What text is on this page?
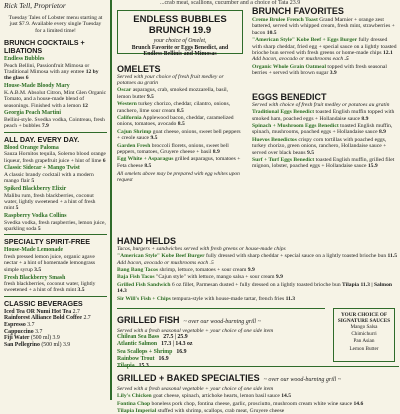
...crab meat, scallions, cucumber and a choice of Tata 23.9
Rick Tell, Proprietor
Tuesday Tales of Lobster menu starting at just $7.9. Available every single Tuesday for a limited time!
BRUNCH COCKTAILS + LIBATIONS
Endless Bubbles
Peach Bellini, Passionfruit Mimosa or Traditional Mimosa with any entree 12 by the glass 6
House-Made Bloody Mary
K.A.B.M. Absolut Citron, Mint Glen Organic Tomato, and a house-made blend of seasonings. Finished with a lemon 12
Georgia Peach Martini
Bellini-style. Svedka vodka, Cointreau, fresh peach + bubbles 7.9
ALL DAY. EVERY DAY.
Blood Orange Paloma
Sauza Hornitos tequila, Solerno blood orange liqueur, fresh grapefruit juice + hint of lime 6
Classic Sidecar + Mango Twist
A classic brandy cocktail with a modern mango flair 5
Spiked Blackberry Elixir
Malibu rum, fresh blackberries, coconut water, lightly sweetened + a hint of fresh mint 5
Raspberry Vodka Collins
Svedka vodka, fresh raspberries, lemon juice, sparkling soda 5
SPECIALTY SPIRIT-FREE
House-Made Lemonade
fresh pressed lemon juice, organic agave nectar + a hint of homemade lemongrass simple syrup 3.5
Fresh Blackberry Smash
fresh blackberries, coconut water, lightly sweetened + a hint of fresh mint 3.5
CLASSIC BEVERAGES
Iced Tea OR Numi Hot Tea 2.7
Rainforest Alliance Bold Coffee 2.7
Espresso 3.7
Cappuccino 3.7
Fiji Water (500 ml) 3.9
San Pellegrino (500 ml) 3.9
ENDLESS BUBBLES
BRUNCH 19.9
your choice of Omelet,
Brunch Favorite or Eggs Benedict, and
Endless Bellinis and Mimosas
OMELETS
Served with your choice of fresh fruit medley or potatoes au gratin
Oscar asparagus, crab, smoked mozzarella, basil, lemon butter 9.5
Western turkey chorizo, cheddar, cilantro, onions, ranchero, lime sour cream 8.5
California Applewood bacon, cheddar, caramelized onions, tomatoes, avocado 8.5
Cajun Shrimp goat cheese, onions, sweet bell peppers + creole sauce 9.5
Garden Fresh broccoli florets, onions, sweet bell peppers, tomatoes, Gruyere cheese + basil 8.9
Egg White + Asparagus grilled asparagus, tomatoes + Feta cheese 8.5
All omelets above may be prepared with egg whites upon request
BRUNCH FAVORITES
Creme Brulee French Toast Grand Marnier + orange zest battered, served with whipped cream, fresh mint, strawberries + bacon 10.5
"American Style" Kobe Beef + Eggs Burger fully dressed with sharp cheddar, fried egg + special sauce on a lightly toasted brioche bun served with fresh greens or home-made chips 12.1
Add bacon, avocado or mushrooms each .5
Organic Whole Grain Oatmeal topped with fresh seasonal berries + served with brown sugar 3.9
EGGS BENEDICT
Served with choice of fresh fruit medley or potatoes au gratin
Traditional Eggs Benedict toasted English muffin topped with smoked ham, poached eggs + Hollandaise sauce 8.9
Spinach + Mushroom Eggs Benedict toasted English muffin, spinach, mushrooms, poached eggs + Hollandaise sauce 8.9
Huevos Benedictos crispy corn tortillas with poached eggs, turkey chorizo, green onions, ranchero, Hollandaise sauce + served over black beans 9.5
Surf + Turf Eggs Benedict toasted English muffin, grilled filet mignon, lobster, poached eggs + Hollandaise sauce 15.9
HAND HELDS
Tacos, burgers + sandwiches served with fresh greens or house-made chips
"American Style" Kobe Beef Burger fully dressed with sharp cheddar + special sauce on a lightly toasted brioche bun 11.5 Add bacon, avocado or mushrooms each .5
Bang Bang Tacos shrimp, lettuce, tomatoes + sour cream 9.9
Baja Fish Tacos "Cajun style" with lettuce, mango salsa + sour cream 9.9
Grilled Fish Sandwich 6 oz fillet, Parmesan dusted + fully dressed on a lightly toasted brioche bun Tilapia 11.3 | Salmon 14.3
Sir Will's Fish + Chips tempura-style with house-made tartar, french fries 11.3
GRILLED FISH ~ over our wood-burning grill ~
Served with a fresh seasonal vegetable + your choice of one side item
Chilean Sea Bass 27.5 | 25.9
Atlantic Salmon 17.3 | 14.3 oz
Sea Scallops + Shrimp 16.9
Rainbow Trout 16.9
Tilapia 15.3
YOUR CHOICE OF SIGNATURE SAUCES
Mango Salsa
Chimichurri
Pan Asian
Lemon Butter
GRILLED + BAKED SPECIALTIES ~ over our wood-burning grill ~
Served with a fresh seasonal vegetable + your choice of one side item
Lily's Chicken goat cheese, spinach, artichoke hearts, lemon basil sauce 14.5
Fontina Chop boneless pork chop, fontina cheese, garlic, prosciutto, mushroom cream white wine sauce 14.6
Tilapia Imperial stuffed with shrimp, scallops, crab meat, Gruyere cheese
